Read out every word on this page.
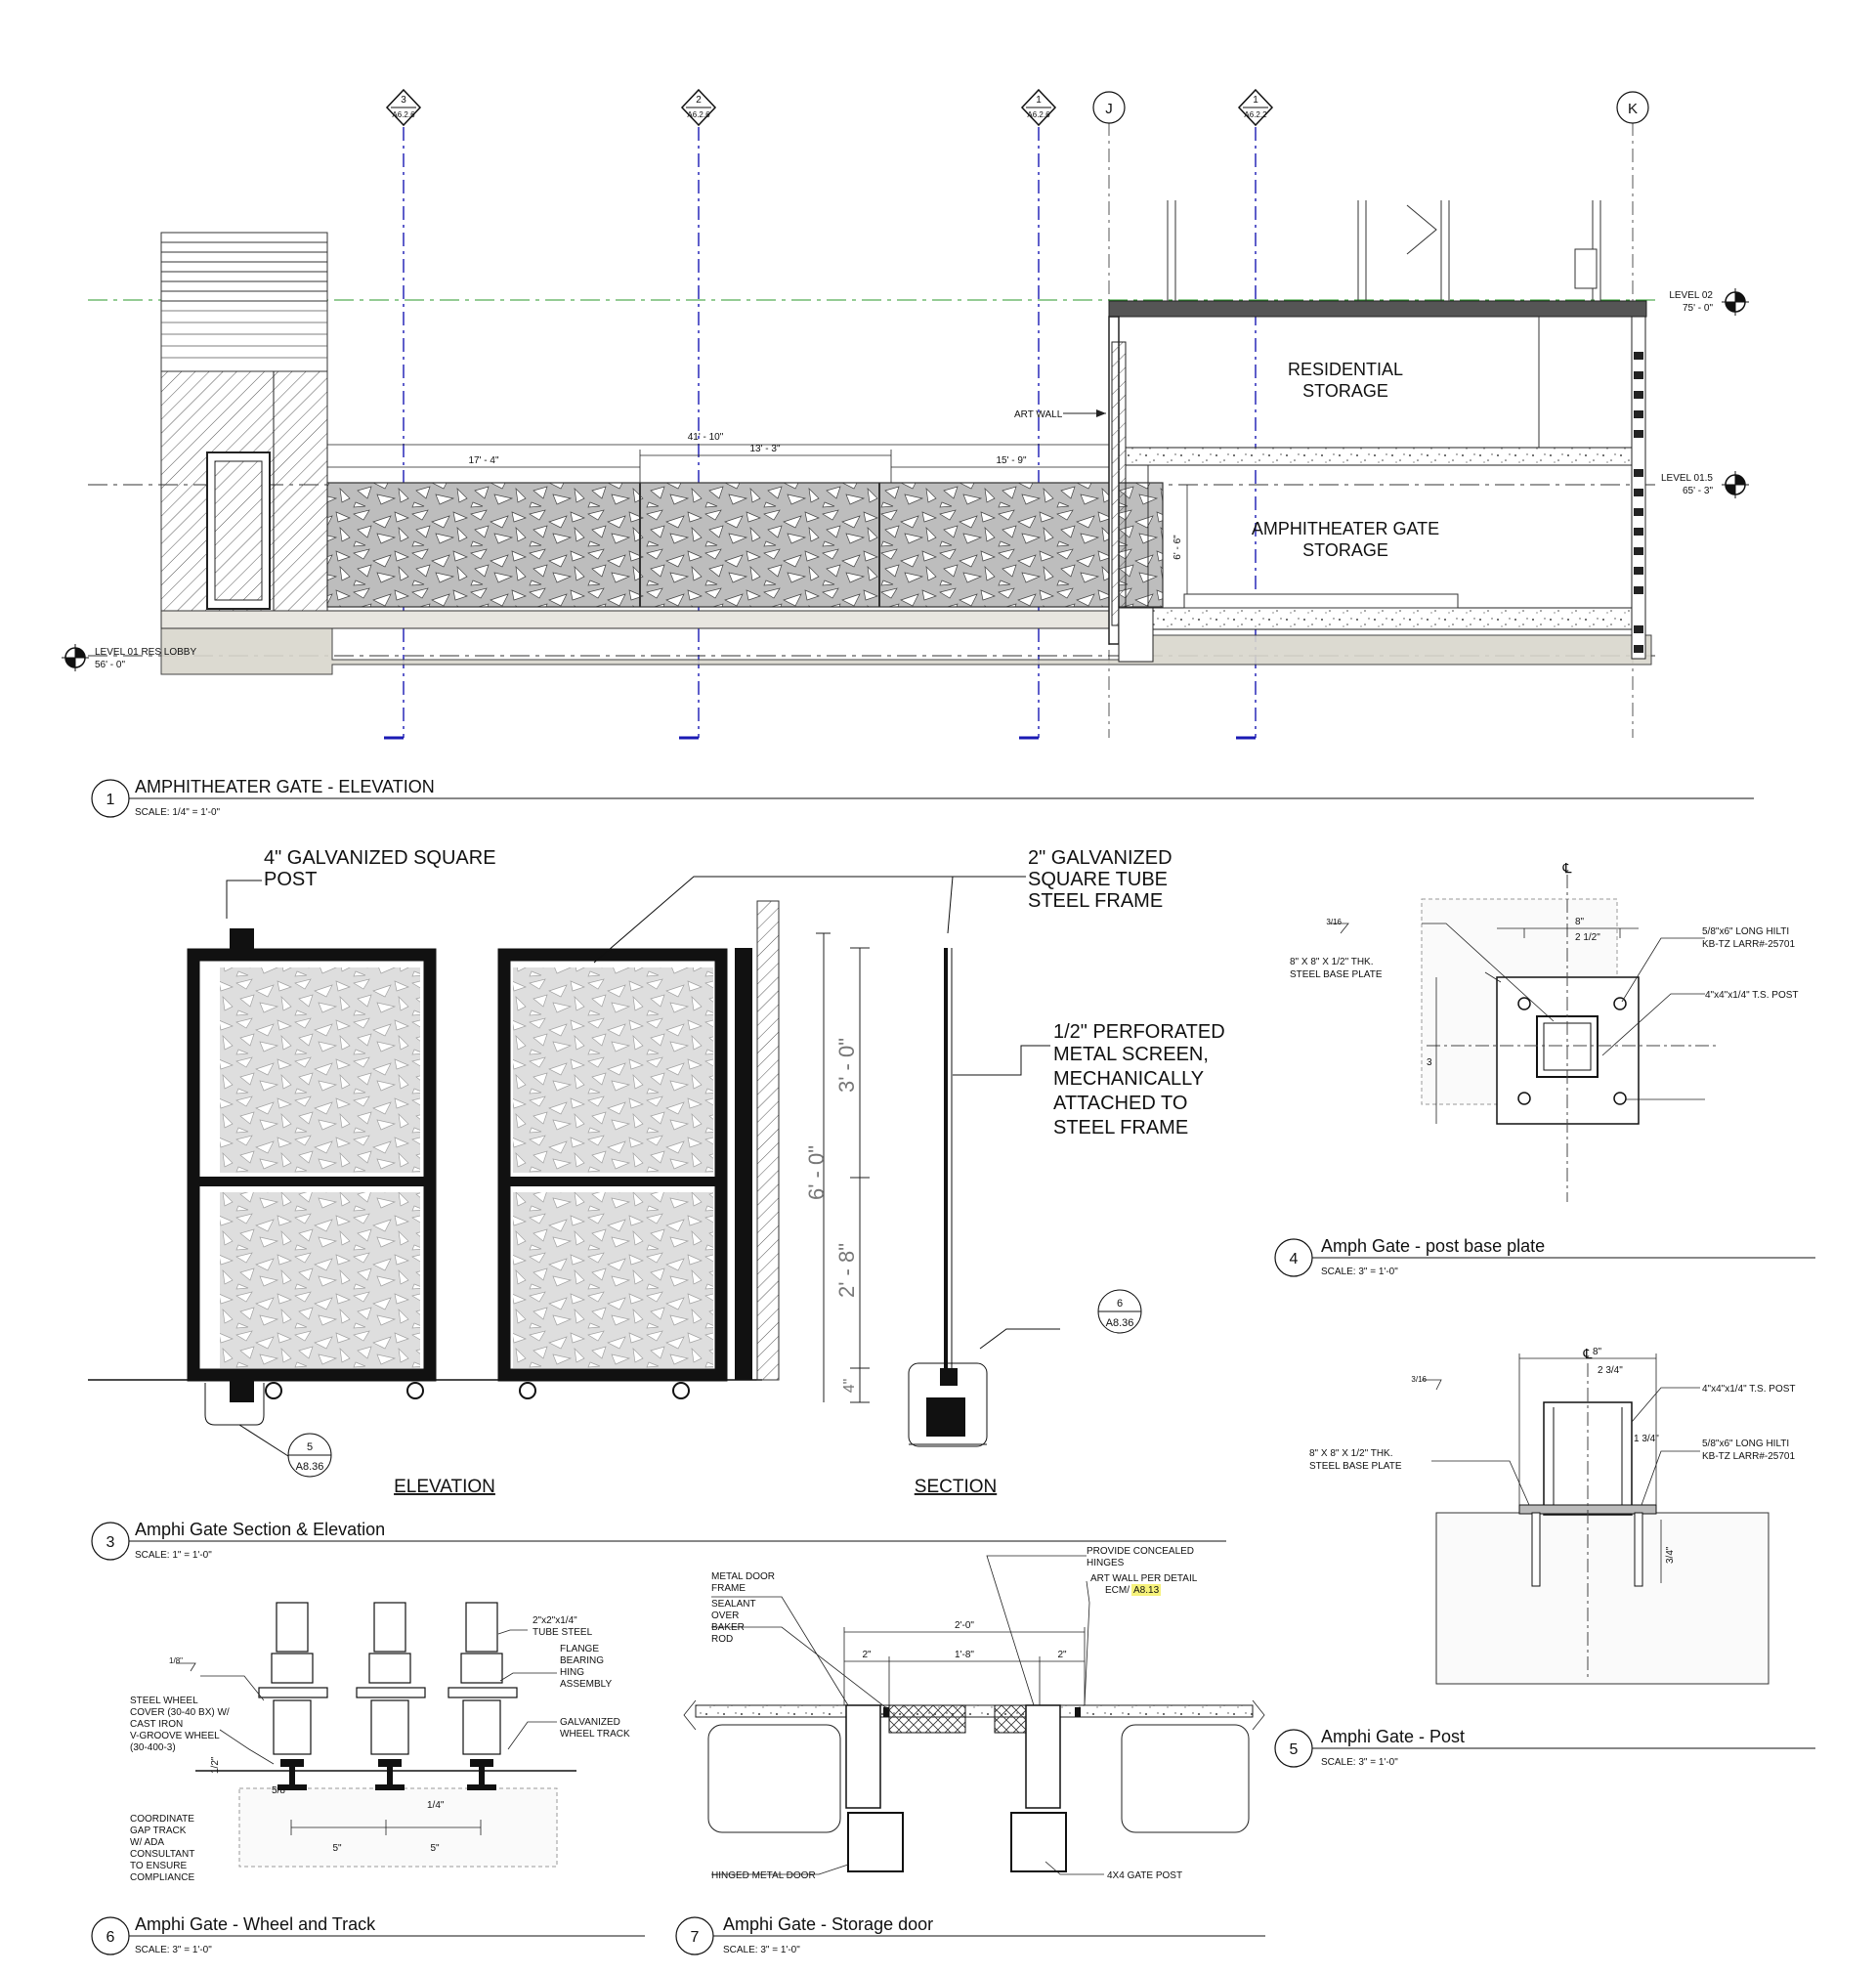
3
A6.2.6
2
A6.2.6
1
A6.2.6
1
A6.2.2
J	K
41' - 10"
17' - 4"
13' - 3"
15' - 9"
6' - 6"
RESIDENTIAL
STORAGE
AMPHITHEATER GATE
STORAGE
ART WALL
LEVEL 02
75' - 0"
LEVEL 01.5
65' - 3"
LEVEL 01 RES LOBBY
56' - 0"
1
AMPHITHEATER GATE - ELEVATION
SCALE: 1/4" = 1'-0"
6' - 0"
3' - 0"
2' - 8"
4"
4" GALVANIZED SQUARE
POST
2" GALVANIZED
SQUARE TUBE
STEEL FRAME
1/2" PERFORATED
METAL SCREEN,
MECHANICALLY
ATTACHED TO
STEEL FRAME
6
A8.36
5
A8.36
ELEVATION	SECTION
3
Amphi Gate Section & Elevation
SCALE: 1" = 1'-0"
℄
8"
2 1/2"
3
3/16
5/8"x6" LONG HILTI
KB-TZ LARR#-25701
8" X 8" X 1/2" THK.
STEEL BASE PLATE
4"x4"x1/4" T.S. POST
4
Amph Gate - post base plate
SCALE: 3" = 1'-0"
℄ 8"
2 3/4"
1 3/4"
3/4"
3/16
4"x4"x1/4" T.S. POST
5/8"x6" LONG HILTI
KB-TZ LARR#-25701
8" X 8" X 1/2" THK.
STEEL BASE PLATE
5
Amphi Gate - Post
SCALE: 3" = 1'-0"
5"	5"
1/4"
5/8"
1/2"
1/8"
2"x2"x1/4"
TUBE STEEL
FLANGE
BEARING
HING
ASSEMBLY
GALVANIZED
WHEEL TRACK
STEEL WHEEL
COVER (30-40 BX) W/
CAST IRON
V-GROOVE WHEEL
(30-400-3)
COORDINATE
GAP TRACK
W/ ADA
CONSULTANT
TO ENSURE
COMPLIANCE
6
Amphi Gate - Wheel and Track
SCALE: 3" = 1'-0"
2'-0"
2"	1'-8"	2"
METAL DOOR
FRAME
SEALANT
OVER
BAKER
ROD
PROVIDE CONCEALED
HINGES
ART WALL PER DETAIL
ECM/ A8.13
HINGED METAL DOOR	4X4 GATE POST
7
Amphi Gate - Storage door
SCALE: 3" = 1'-0"
